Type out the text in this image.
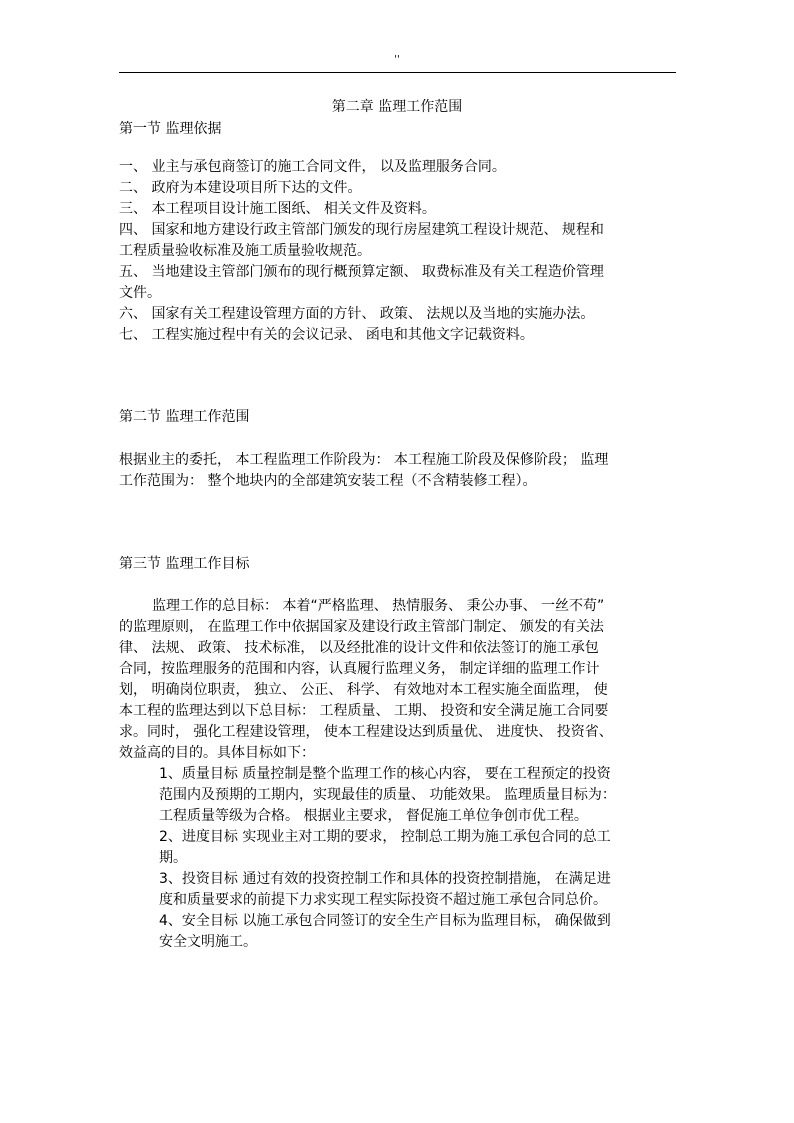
''
第二章 监理工作范围
第一节 监理依据
一、 业主与承包商签订的施工合同文件， 以及监理服务合同。
二、 政府为本建设项目所下达的文件。
三、 本工程项目设计施工图纸、 相关文件及资料。
四、 国家和地方建设行政主管部门颁发的现行房屋建筑工程设计规范、 规程和
工程质量验收标准及施工质量验收规范。
五、 当地建设主管部门颁布的现行概预算定额、 取费标准及有关工程造价管理
文件。
六、 国家有关工程建设管理方面的方针、 政策、 法规以及当地的实施办法。
七、 工程实施过程中有关的会议记录、 函电和其他文字记载资料。
第二节 监理工作范围
根据业主的委托， 本工程监理工作阶段为： 本工程施工阶段及保修阶段； 监理
工作范围为： 整个地块内的全部建筑安装工程（不含精装修工程）。
第三节 监理工作目标
监理工作的总目标： 本着“严格监理、 热情服务、 秉公办事、 一丝不苟”
的监理原则， 在监理工作中依据国家及建设行政主管部门制定、 颁发的有关法
律、 法规、 政策、 技术标准， 以及经批准的设计文件和依法签订的施工承包
合同，按监理服务的范围和内容，认真履行监理义务， 制定详细的监理工作计
划， 明确岗位职责， 独立、 公正、 科学、 有效地对本工程实施全面监理， 使
本工程的监理达到以下总目标： 工程质量、 工期、 投资和安全满足施工合同要
求。同时， 强化工程建设管理， 使本工程建设达到质量优、 进度快、 投资省、
效益高的目的。具体目标如下：
1、质量目标 质量控制是整个监理工作的核心内容， 要在工程预定的投资
范围内及预期的工期内，实现最佳的质量、 功能效果。 监理质量目标为：
工程质量等级为合格。 根据业主要求， 督促施工单位争创市优工程。
2、进度目标 实现业主对工期的要求， 控制总工期为施工承包合同的总工
期。
3、投资目标 通过有效的投资控制工作和具体的投资控制措施， 在满足进
度和质量要求的前提下力求实现工程实际投资不超过施工承包合同总价。
4、安全目标 以施工承包合同签订的安全生产目标为监理目标， 确保做到
安全文明施工。
